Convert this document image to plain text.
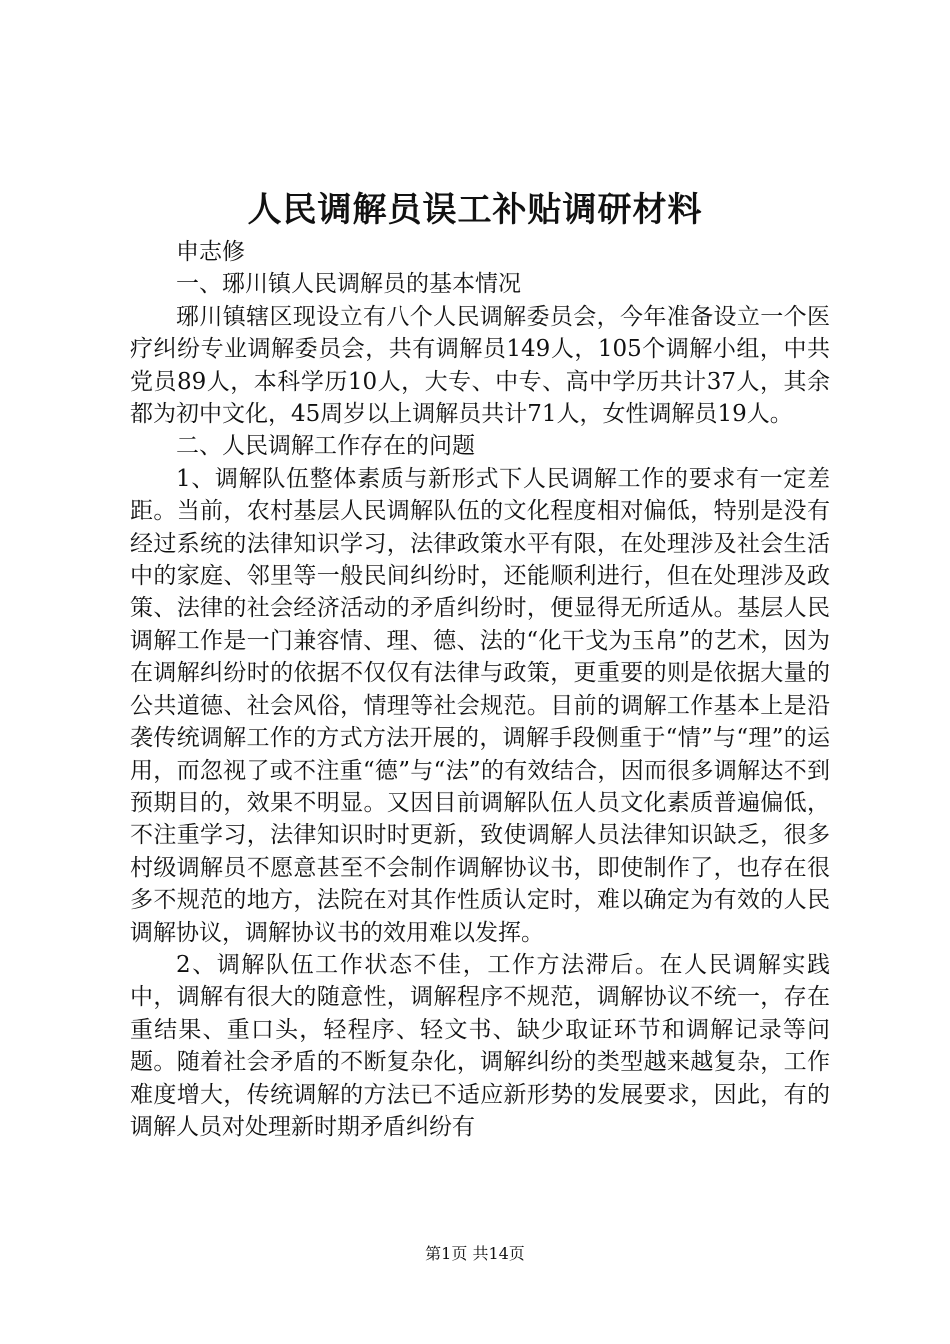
人民调解员误工补贴调研材料

申志修

一、琊川镇人民调解员的基本情况

琊川镇辖区现设立有八个人民调解委员会，今年准备设立一个医疗纠纷专业调解委员会，共有调解员149人，105个调解小组，中共党员89人，本科学历10人，大专、中专、高中学历共计37人，其余都为初中文化，45周岁以上调解员共计71人，女性调解员19人。

二、人民调解工作存在的问题

1、调解队伍整体素质与新形式下人民调解工作的要求有一定差距。当前，农村基层人民调解队伍的文化程度相对偏低，特别是没有经过系统的法律知识学习，法律政策水平有限，在处理涉及社会生活中的家庭、邻里等一般民间纠纷时，还能顺利进行，但在处理涉及政策、法律的社会经济活动的矛盾纠纷时，便显得无所适从。基层人民调解工作是一门兼容情、理、德、法的“化干戈为玉帛”的艺术，因为在调解纠纷时的依据不仅仅有法律与政策，更重要的则是依据大量的公共道德、社会风俗，情理等社会规范。目前的调解工作基本上是沿袭传统调解工作的方式方法开展的，调解手段侧重于“情”与“理”的运用，而忽视了或不注重“德”与“法”的有效结合，因而很多调解达不到预期目的，效果不明显。又因目前调解队伍人员文化素质普遍偏低，不注重学习，法律知识时时更新，致使调解人员法律知识缺乏，很多村级调解员不愿意甚至不会制作调解协议书，即使制作了，也存在很多不规范的地方，法院在对其作性质认定时，难以确定为有效的人民调解协议，调解协议书的效用难以发挥。

2、调解队伍工作状态不佳，工作方法滞后。在人民调解实践中，调解有很大的随意性，调解程序不规范，调解协议不统一，存在重结果、重口头，轻程序、轻文书、缺少取证环节和调解记录等问题。随着社会矛盾的不断复杂化，调解纠纷的类型越来越复杂，工作难度增大，传统调解的方法已不适应新形势的发展要求，因此，有的调解人员对处理新时期矛盾纠纷有

第1页 共14页
